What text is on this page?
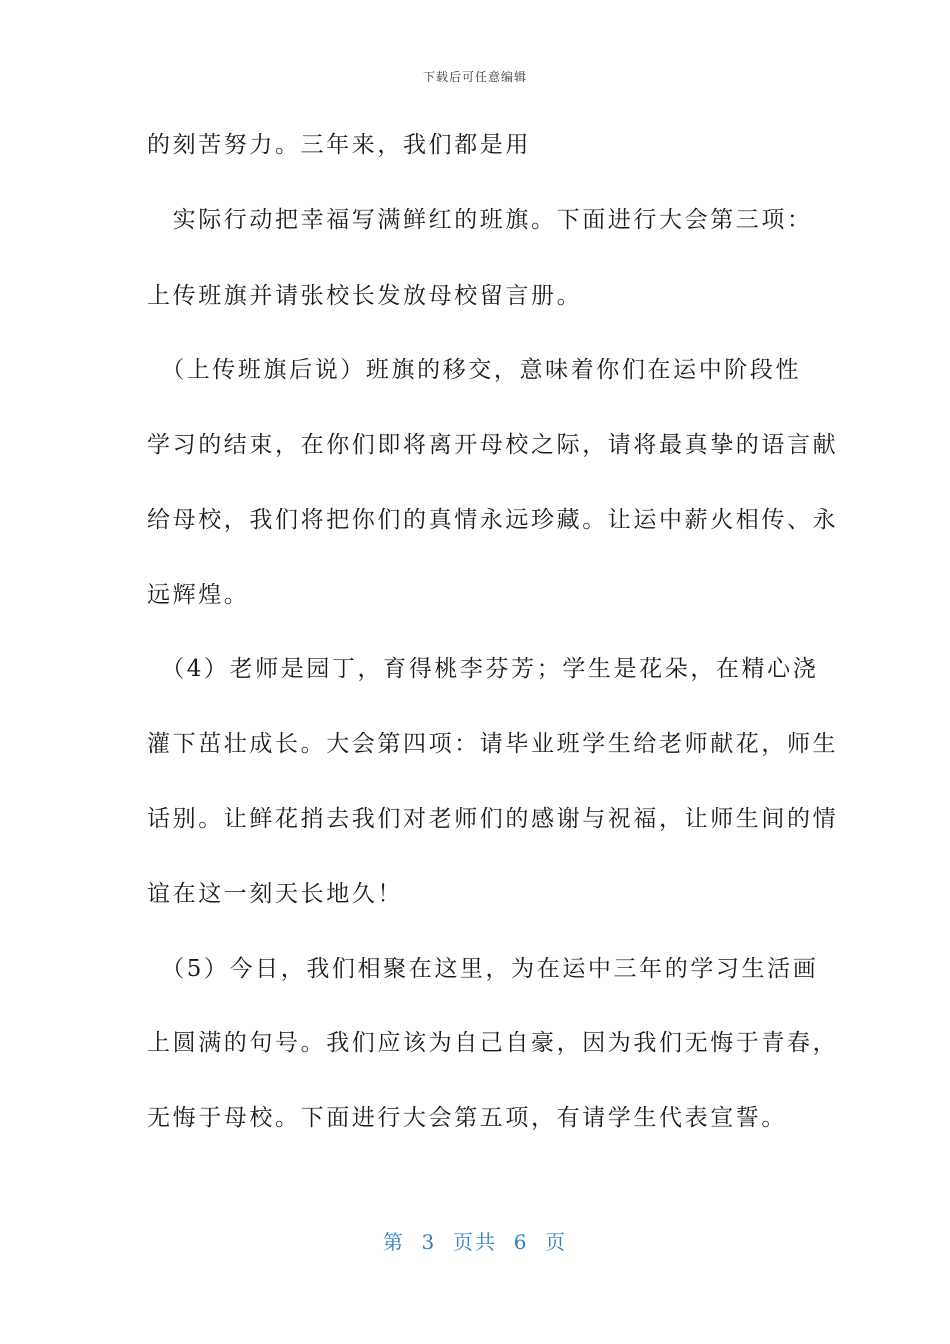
下载后可任意编辑
的刻苦努力。三年来，我们都是用
　实际行动把幸福写满鲜红的班旗。下面进行大会第三项：
上传班旗并请张校长发放母校留言册。
　（上传班旗后说）班旗的移交，意味着你们在运中阶段性
学习的结束，在你们即将离开母校之际，请将最真挚的语言献
给母校，我们将把你们的真情永远珍藏。让运中薪火相传、永
远辉煌。
　（4）老师是园丁，育得桃李芬芳；学生是花朵，在精心浇
灌下茁壮成长。大会第四项：请毕业班学生给老师献花，师生
话别。让鲜花捎去我们对老师们的感谢与祝福，让师生间的情
谊在这一刻天长地久！
　（5）今日，我们相聚在这里，为在运中三年的学习生活画
上圆满的句号。我们应该为自己自豪，因为我们无悔于青春，
无悔于母校。下面进行大会第五项，有请学生代表宣誓。
第  3  页共  6  页
